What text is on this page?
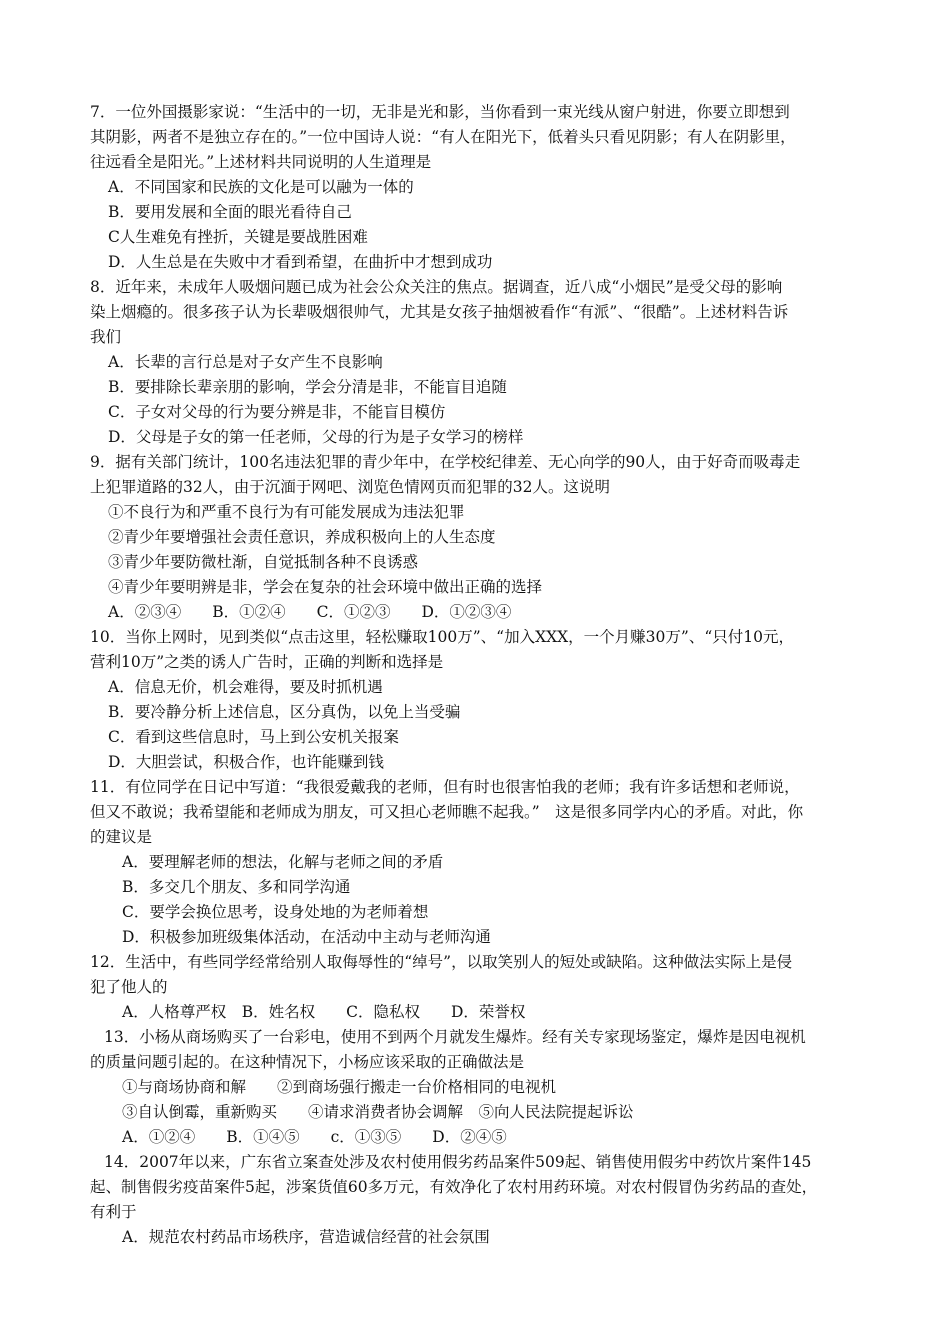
7．一位外国摄影家说：“生活中的一切，无非是光和影，当你看到一束光线从窗户射进，你要立即想到
其阴影，两者不是独立存在的。”一位中国诗人说：“有人在阳光下，低着头只看见阴影；有人在阴影里，
往远看全是阳光。”上述材料共同说明的人生道理是
A．不同国家和民族的文化是可以融为一体的
B．要用发展和全面的眼光看待自己
C人生难免有挫折，关键是要战胜困难
D．人生总是在失败中才看到希望，在曲折中才想到成功
8．近年来，未成年人吸烟问题已成为社会公众关注的焦点。据调查，近八成“小烟民”是受父母的影响
染上烟瘾的。很多孩子认为长辈吸烟很帅气，尤其是女孩子抽烟被看作“有派”、“很酷”。上述材料告诉
我们
A．长辈的言行总是对子女产生不良影响
B．要排除长辈亲朋的影响，学会分清是非，不能盲目追随
C．子女对父母的行为要分辨是非，不能盲目模仿
D．父母是子女的第一任老师，父母的行为是子女学习的榜样
9．据有关部门统计，100名违法犯罪的青少年中，在学校纪律差、无心向学的90人，由于好奇而吸毒走
上犯罪道路的32人，由于沉湎于网吧、浏览色情网页而犯罪的32人。这说明
①不良行为和严重不良行为有可能发展成为违法犯罪
②青少年要增强社会责任意识，养成积极向上的人生态度
③青少年要防微杜渐，自觉抵制各种不良诱惑
④青少年要明辨是非，学会在复杂的社会环境中做出正确的选择
A．②③④　　B．①②④　　C．①②③　　D．①②③④
10．当你上网时，见到类似“点击这里，轻松赚取100万”、“加入XXX，一个月赚30万”、“只付10元，
营利10万”之类的诱人广告时，正确的判断和选择是
A．信息无价，机会难得，要及时抓机遇
B．要冷静分析上述信息，区分真伪，以免上当受骗
C．看到这些信息时，马上到公安机关报案
D．大胆尝试，积极合作，也许能赚到钱
11．有位同学在日记中写道：“我很爱戴我的老师，但有时也很害怕我的老师；我有许多话想和老师说，
但又不敢说；我希望能和老师成为朋友，可又担心老师瞧不起我。”　这是很多同学内心的矛盾。对此，你
的建议是
A．要理解老师的想法，化解与老师之间的矛盾
B．多交几个朋友、多和同学沟通
C．要学会换位思考，设身处地的为老师着想
D．积极参加班级集体活动，在活动中主动与老师沟通
12．生活中，有些同学经常给别人取侮辱性的“绰号”，以取笑别人的短处或缺陷。这种做法实际上是侵
犯了他人的
A．人格尊严权　B．姓名权　　C．隐私权　　D．荣誉权
13．小杨从商场购买了一台彩电，使用不到两个月就发生爆炸。经有关专家现场鉴定，爆炸是因电视机
的质量问题引起的。在这种情况下，小杨应该采取的正确做法是
①与商场协商和解　　②到商场强行搬走一台价格相同的电视机
③自认倒霉，重新购买　　④请求消费者协会调解　⑤向人民法院提起诉讼
A．①②④　　B．①④⑤　　c．①③⑤　　D．②④⑤
14．2007年以来，广东省立案查处涉及农村使用假劣药品案件509起、销售使用假劣中药饮片案件145
起、制售假劣疫苗案件5起，涉案货值60多万元，有效净化了农村用药环境。对农村假冒伪劣药品的查处，
有利于
A．规范农村药品市场秩序，营造诚信经营的社会氛围
